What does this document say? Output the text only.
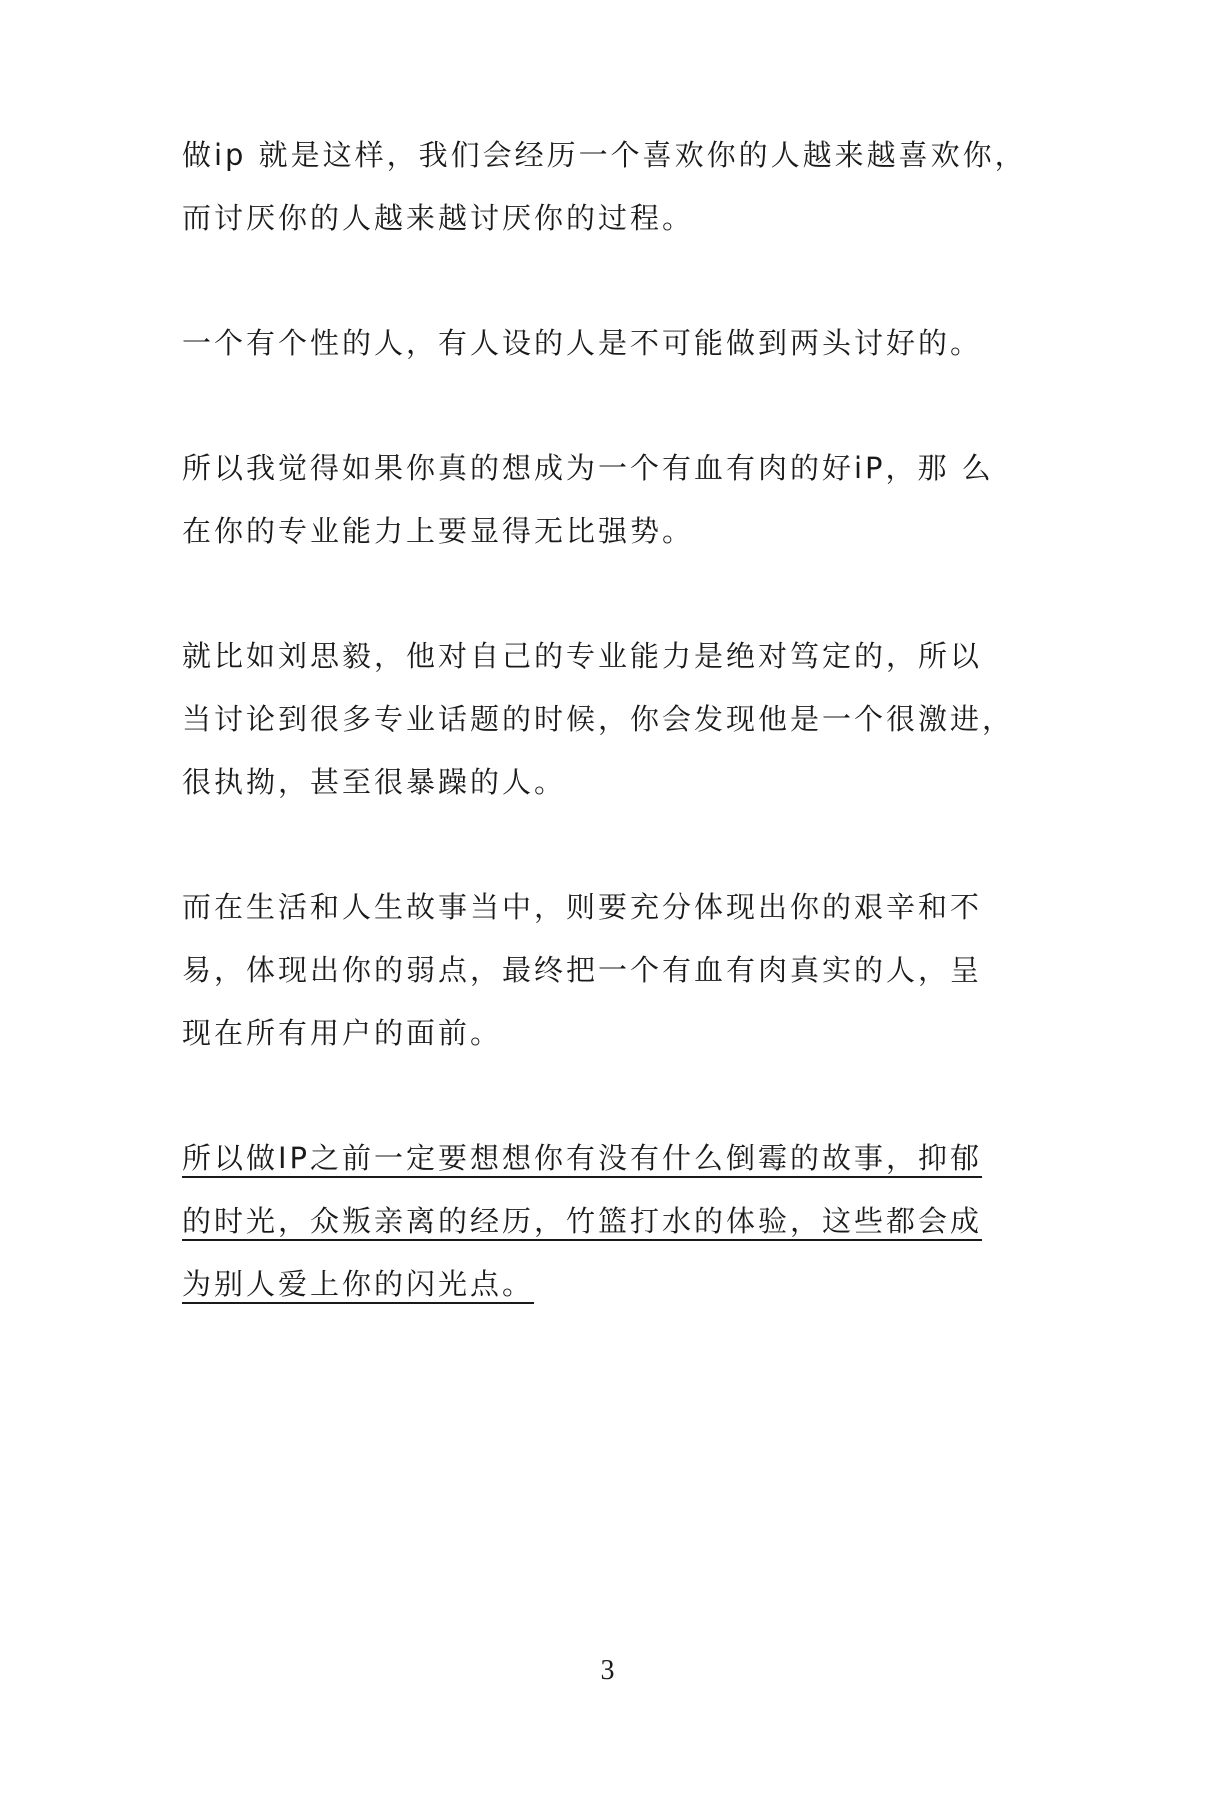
做ip 就是这样，我们会经历一个喜欢你的人越来越喜欢你，
而讨厌你的人越来越讨厌你的过程。
一个有个性的人，有人设的人是不可能做到两头讨好的。
所以我觉得如果你真的想成为一个有血有肉的好iP，那 么
在你的专业能力上要显得无比强势。
就比如刘思毅，他对自己的专业能力是绝对笃定的，所以
当讨论到很多专业话题的时候，你会发现他是一个很激进，
很执拗，甚至很暴躁的人。
而在生活和人生故事当中，则要充分体现出你的艰辛和不
易，体现出你的弱点，最终把一个有血有肉真实的人，呈
现在所有用户的面前。
所以做IP之前一定要想想你有没有什么倒霉的故事，抑郁
的时光，众叛亲离的经历，竹篮打水的体验，这些都会成
为别人爱上你的闪光点。
3
